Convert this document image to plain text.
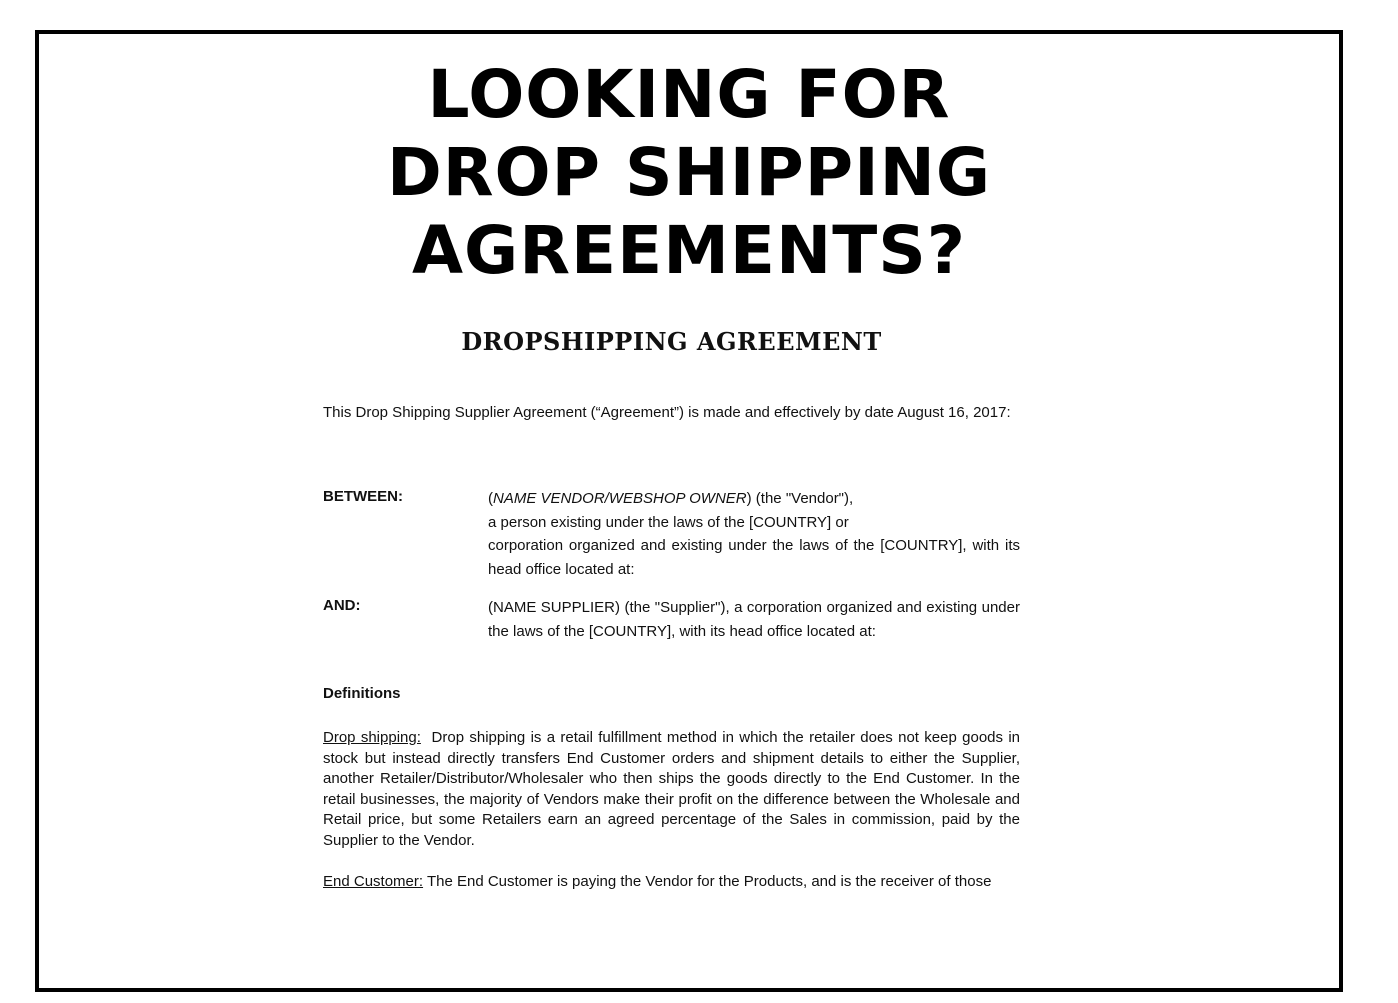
LOOKING FOR
DROP SHIPPING
AGREEMENTS?
DROPSHIPPING AGREEMENT
This Drop Shipping Supplier Agreement (“Agreement”) is made and effectively by date August 16, 2017:
BETWEEN:	(NAME VENDOR/WEBSHOP OWNER) (the "Vendor"),
a person existing under the laws of the [COUNTRY] or
corporation organized and existing under the laws of the [COUNTRY], with its head office located at:
AND:	(NAME SUPPLIER) (the "Supplier"), a corporation organized and existing under the laws of the [COUNTRY], with its head office located at:
Definitions
Drop shipping: Drop shipping is a retail fulfillment method in which the retailer does not keep goods in stock but instead directly transfers End Customer orders and shipment details to either the Supplier, another Retailer/Distributor/Wholesaler who then ships the goods directly to the End Customer. In the retail businesses, the majority of Vendors make their profit on the difference between the Wholesale and Retail price, but some Retailers earn an agreed percentage of the Sales in commission, paid by the Supplier to the Vendor.
End Customer: The End Customer is paying the Vendor for the Products, and is the receiver of those
